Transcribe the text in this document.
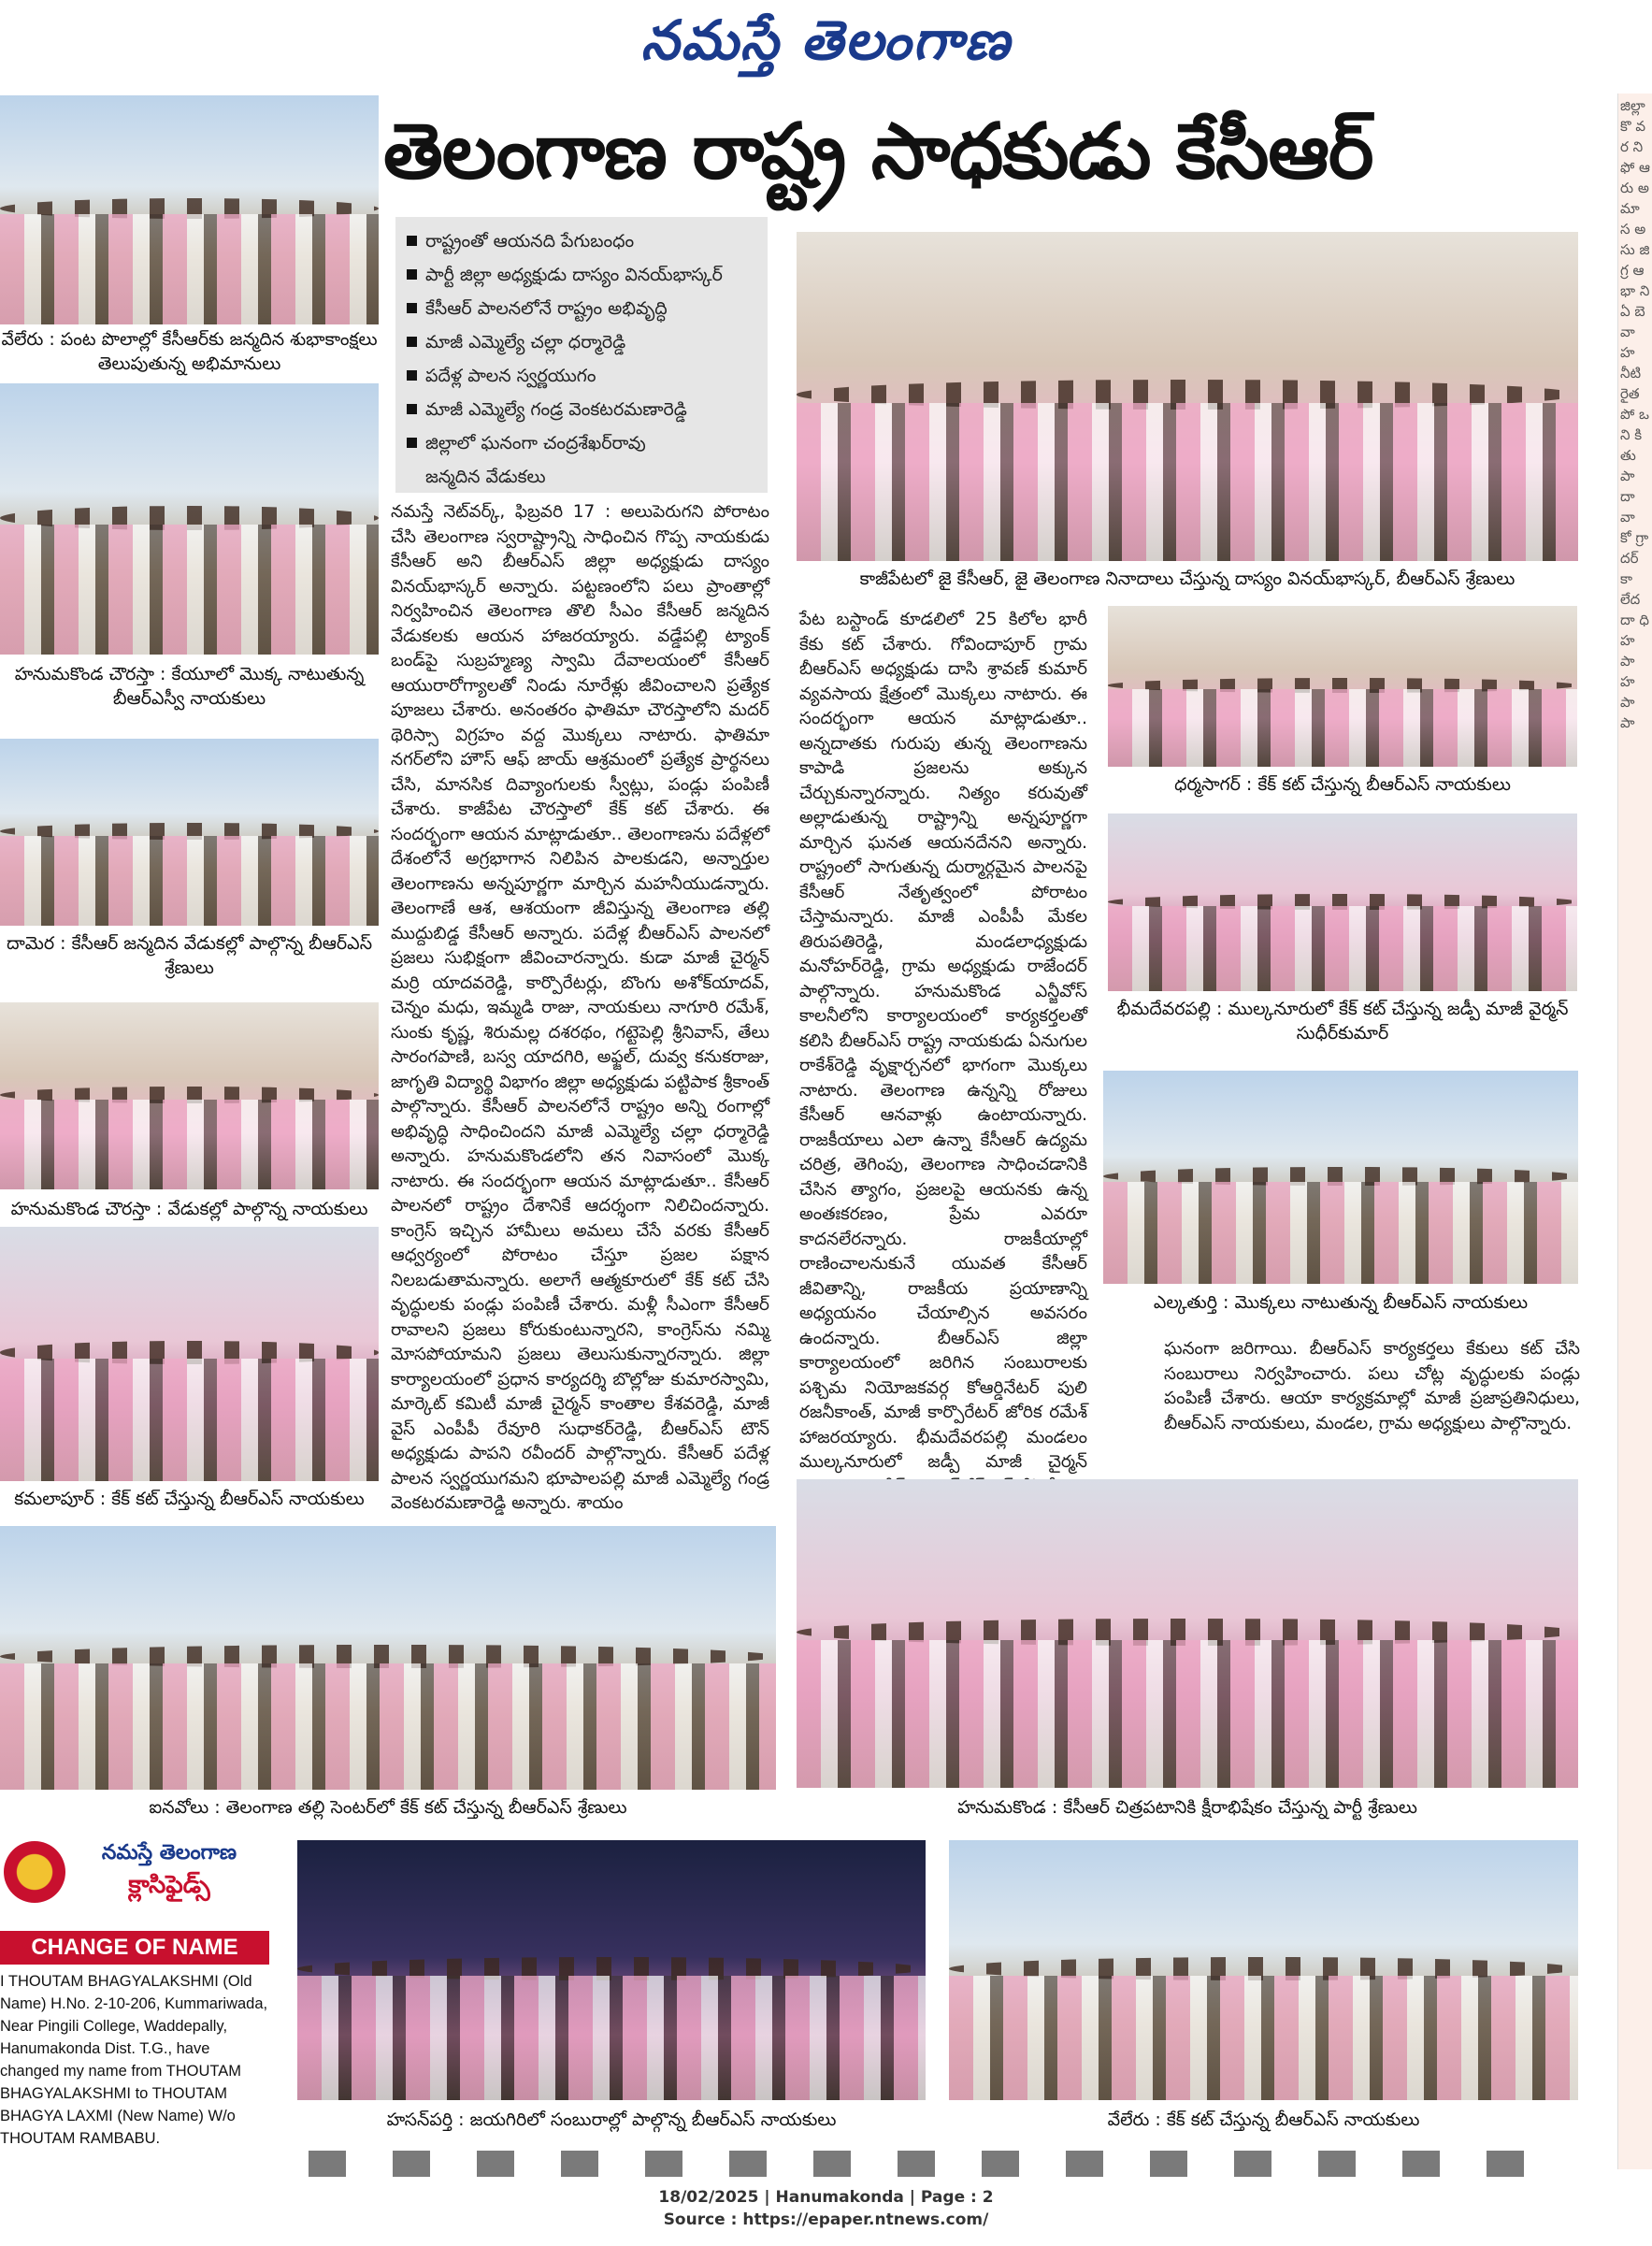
నమస్తే తెలంగాణ
తెలంగాణ రాష్ట్ర సాధకుడు కేసీఆర్
జిల్లా కొ వ ర ని ఫో ఆ రు అ మా స అ సు జి గ్ర ఆ భా ని ఏ బె వా హ నీటి రైత పో ఒ ని కి తు పా దా వా కో గ్రా దర్ కా లేద దా ధి హ పా హ పా పా
వేలేరు : పంట పొలాల్లో కేసీఆర్‌కు జన్మదిన శుభాకాంక్షలు తెలుపుతున్న అభిమానులు
హనుమకొండ చౌరస్తా : కేయూలో మొక్క నాటుతున్న బీఆర్‌ఎస్వీ నాయకులు
దామెర : కేసీఆర్ జన్మదిన వేడుకల్లో పాల్గొన్న బీఆర్‌ఎస్ శ్రేణులు
హనుమకొండ చౌరస్తా : వేడుకల్లో పాల్గొన్న నాయకులు
కమలాపూర్ : కేక్ కట్ చేస్తున్న బీఆర్‌ఎస్ నాయకులు
రాష్ట్రంతో ఆయనది పేగుబంధం
పార్టీ జిల్లా అధ్యక్షుడు దాస్యం వినయ్‌భాస్కర్
కేసీఆర్ పాలనలోనే రాష్ట్రం అభివృద్ధి
మాజీ ఎమ్మెల్యే చల్లా ధర్మారెడ్డి
పదేళ్ల పాలన స్వర్ణయుగం
మాజీ ఎమ్మెల్యే గండ్ర వెంకటరమణారెడ్డి
జిల్లాలో ఘనంగా చంద్రశేఖర్‌రావు
జన్మదిన వేడుకలు

నమస్తే నెట్‌వర్క్, ఫిబ్రవరి 17 : అలుపెరుగని పోరాటం చేసి తెలంగాణ స్వరాష్ట్రాన్ని సాధించిన గొప్ప నాయకుడు కేసీఆర్ అని బీఆర్‌ఎస్ జిల్లా అధ్యక్షుడు దాస్యం వినయ్‌భాస్కర్ అన్నారు. పట్టణంలోని పలు ప్రాంతాల్లో నిర్వహించిన తెలంగాణ తొలి సీఎం కేసీఆర్ జన్మదిన వేడుకలకు ఆయన హాజరయ్యారు. వడ్డేపల్లి ట్యాంక్ బండ్‌పై సుబ్రహ్మణ్య స్వామి దేవాలయంలో కేసీఆర్ ఆయురారోగ్యాలతో నిండు నూరేళ్లు జీవించాలని ప్రత్యేక పూజలు చేశారు. అనంతరం ఫాతిమా చౌరస్తాలోని మదర్ థెరిస్సా విగ్రహం వద్ద మొక్కలు నాటారు. ఫాతిమా నగర్‌లోని హౌస్ ఆఫ్ జాయ్ ఆశ్రమంలో ప్రత్యేక ప్రార్థనలు చేసి, మానసిక దివ్యాంగులకు స్వీట్లు, పండ్లు పంపిణీ చేశారు. కాజీపేట చౌరస్తాలో కేక్ కట్ చేశారు. ఈ సందర్భంగా ఆయన మాట్లాడుతూ.. తెలంగాణను పదేళ్లలో దేశంలోనే అగ్రభాగాన నిలిపిన పాలకుడని, అన్నార్తుల తెలంగాణను అన్నపూర్ణగా మార్చిన మహనీయుడన్నారు. తెలంగాణే ఆశ, ఆశయంగా జీవిస్తున్న తెలంగాణ తల్లి ముద్దుబిడ్డ కేసీఆర్ అన్నారు. పదేళ్ల బీఆర్‌ఎస్ పాలనలో ప్రజలు సుభిక్షంగా జీవించారన్నారు. కుడా మాజీ చైర్మన్ మర్రి యాదవరెడ్డి, కార్పొరేటర్లు, బొంగు అశోక్‌యాదవ్, చెన్నం మధు, ఇమ్మడి రాజు, నాయకులు నాగూరి రమేశ్, సుంకు కృష్ణ, శిరుమల్ల దశరథం, గట్టెపెల్లి శ్రీనివాస్, తేలు సారంగపాణి, బస్వ యాదగిరి, అఫ్జల్, దువ్వ కనుకరాజు, జాగృతి విద్యార్థి విభాగం జిల్లా అధ్యక్షుడు పట్టిపాక శ్రీకాంత్ పాల్గొన్నారు. కేసీఆర్ పాలనలోనే రాష్ట్రం అన్ని రంగాల్లో అభివృద్ధి సాధించిందని మాజీ ఎమ్మెల్యే చల్లా ధర్మారెడ్డి అన్నారు. హనుమకొండలోని తన నివాసంలో మొక్క నాటారు. ఈ సందర్భంగా ఆయన మాట్లాడుతూ.. కేసీఆర్ పాలనలో రాష్ట్రం దేశానికే ఆదర్శంగా నిలిచిందన్నారు. కాంగ్రెస్ ఇచ్చిన హామీలు అమలు చేసే వరకు కేసీఆర్ ఆధ్వర్యంలో పోరాటం చేస్తూ ప్రజల పక్షాన నిలబడుతామన్నారు. అలాగే ఆత్మకూరులో కేక్ కట్ చేసి వృద్ధులకు పండ్లు పంపిణీ చేశారు. మళ్లీ సీఎంగా కేసీఆర్ రావాలని ప్రజలు కోరుకుంటున్నారని, కాంగ్రెస్‌ను నమ్మి మోసపోయామని ప్రజలు తెలుసుకున్నారన్నారు. జిల్లా కార్యాలయంలో ప్రధాన కార్యదర్శి బొల్లోజు కుమారస్వామి, మార్కెట్ కమిటీ మాజీ చైర్మన్ కాంతాల కేశవరెడ్డి, మాజీ వైస్ ఎంపీపీ రేవూరి సుధాకర్‌రెడ్డి, బీఆర్‌ఎస్ టౌన్ అధ్యక్షుడు పాపని రవీందర్ పాల్గొన్నారు. కేసీఆర్ పదేళ్ల పాలన స్వర్ణయుగమని భూపాలపల్లి మాజీ ఎమ్మెల్యే గండ్ర వెంకటరమణారెడ్డి అన్నారు. శాయం

పేట బస్టాండ్ కూడలిలో 25 కిలోల భారీ కేకు కట్ చేశారు. గోవిందాపూర్ గ్రామ బీఆర్‌ఎస్ అధ్యక్షుడు దాసి శ్రావణ్ కుమార్ వ్యవసాయ క్షేత్రంలో మొక్కలు నాటారు. ఈ సందర్భంగా ఆయన మాట్లాడుతూ.. అన్నదాతకు గురుపు తున్న తెలంగాణను కాపాడి ప్రజలను అక్కున చేర్చుకున్నారన్నారు. నిత్యం కరువుతో అల్లాడుతున్న రాష్ట్రాన్ని అన్నపూర్ణగా మార్చిన ఘనత ఆయనదేనని అన్నారు. రాష్ట్రంలో సాగుతున్న దుర్మార్గమైన పాలనపై కేసీఆర్ నేతృత్వంలో పోరాటం చేస్తామన్నారు. మాజీ ఎంపీపీ మేకల తిరుపతిరెడ్డి, మండలాధ్యక్షుడు మనోహర్‌రెడ్డి, గ్రామ అధ్యక్షుడు రాజేందర్ పాల్గొన్నారు. హనుమకొండ ఎన్జీవోస్ కాలనీలోని కార్యాలయంలో కార్యకర్తలతో కలిసి బీఆర్‌ఎస్ రాష్ట్ర నాయకుడు ఏనుగుల రాకేశ్‌రెడ్డి వృక్షార్చనలో భాగంగా మొక్కలు నాటారు. తెలంగాణ ఉన్నన్ని రోజులు కేసీఆర్ ఆనవాళ్లు ఉంటాయన్నారు. రాజకీయాలు ఎలా ఉన్నా కేసీఆర్ ఉద్యమ చరిత్ర, తెగింపు, తెలంగాణ సాధించడానికి చేసిన త్యాగం, ప్రజలపై ఆయనకు ఉన్న అంతఃకరణం, ప్రేమ ఎవరూ కాదనలేరన్నారు. రాజకీయాల్లో రాణించాలనుకునే యువత కేసీఆర్ జీవితాన్ని, రాజకీయ ప్రయాణాన్ని అధ్యయనం చేయాల్సిన అవసరం ఉందన్నారు. బీఆర్‌ఎస్ జిల్లా కార్యాలయంలో జరిగిన సంబురాలకు పశ్చిమ నియోజకవర్గ కోఆర్డినేటర్ పులి రజనీకాంత్, మాజీ కార్పొరేటర్ జోరిక రమేశ్ హాజరయ్యారు. భీమదేవరపల్లి మండలం ముల్కనూరులో జడ్పీ మాజీ చైర్మన్

ఘనంగా జరిగాయి. బీఆర్‌ఎస్ కార్యకర్తలు కేకులు కట్ చేసి సంబురాలు నిర్వహించారు. పలు చోట్ల వృద్ధులకు పండ్లు పంపిణీ చేశారు. ఆయా కార్యక్రమాల్లో మాజీ ప్రజాప్రతినిధులు, బీఆర్‌ఎస్ నాయకులు, మండల, గ్రామ అధ్యక్షులు పాల్గొన్నారు.

కాజీపేటలో జై కేసీఆర్, జై తెలంగాణ నినాదాలు చేస్తున్న దాస్యం వినయ్‌భాస్కర్, బీఆర్‌ఎస్ శ్రేణులు
ధర్మసాగర్ : కేక్ కట్ చేస్తున్న బీఆర్‌ఎస్ నాయకులు
భీమదేవరపల్లి : ముల్కనూరులో కేక్ కట్ చేస్తున్న జడ్పీ మాజీ వైర్మన్ సుధీర్‌కుమార్
ఎల్కతుర్తి : మొక్కలు నాటుతున్న బీఆర్‌ఎస్ నాయకులు
ఐనవోలు : తెలంగాణ తల్లి సెంటర్‌లో కేక్ కట్ చేస్తున్న బీఆర్‌ఎస్ శ్రేణులు	హనుమకొండ : కేసీఆర్ చిత్రపటానికి క్షీరాభిషేకం చేస్తున్న పార్టీ శ్రేణులు
హసన్‌పర్తి : జయగిరిలో సంబురాల్లో పాల్గొన్న బీఆర్‌ఎస్ నాయకులు	వేలేరు : కేక్ కట్ చేస్తున్న బీఆర్‌ఎస్ నాయకులు
నమస్తే తెలంగాణ
క్లాసిఫైడ్స్
CHANGE OF NAME
I THOUTAM BHAGYALAKSHMI (Old Name) H.No. 2-10-206, Kummariwada, Near Pingili College, Waddepally, Hanumakonda Dist. T.G., have changed my name from THOUTAM BHAGYALAKSHMI to THOUTAM BHAGYA LAXMI (New Name) W/o THOUTAM RAMBABU.
18/02/2025 | Hanumakonda | Page : 2
Source : https://epaper.ntnews.com/
